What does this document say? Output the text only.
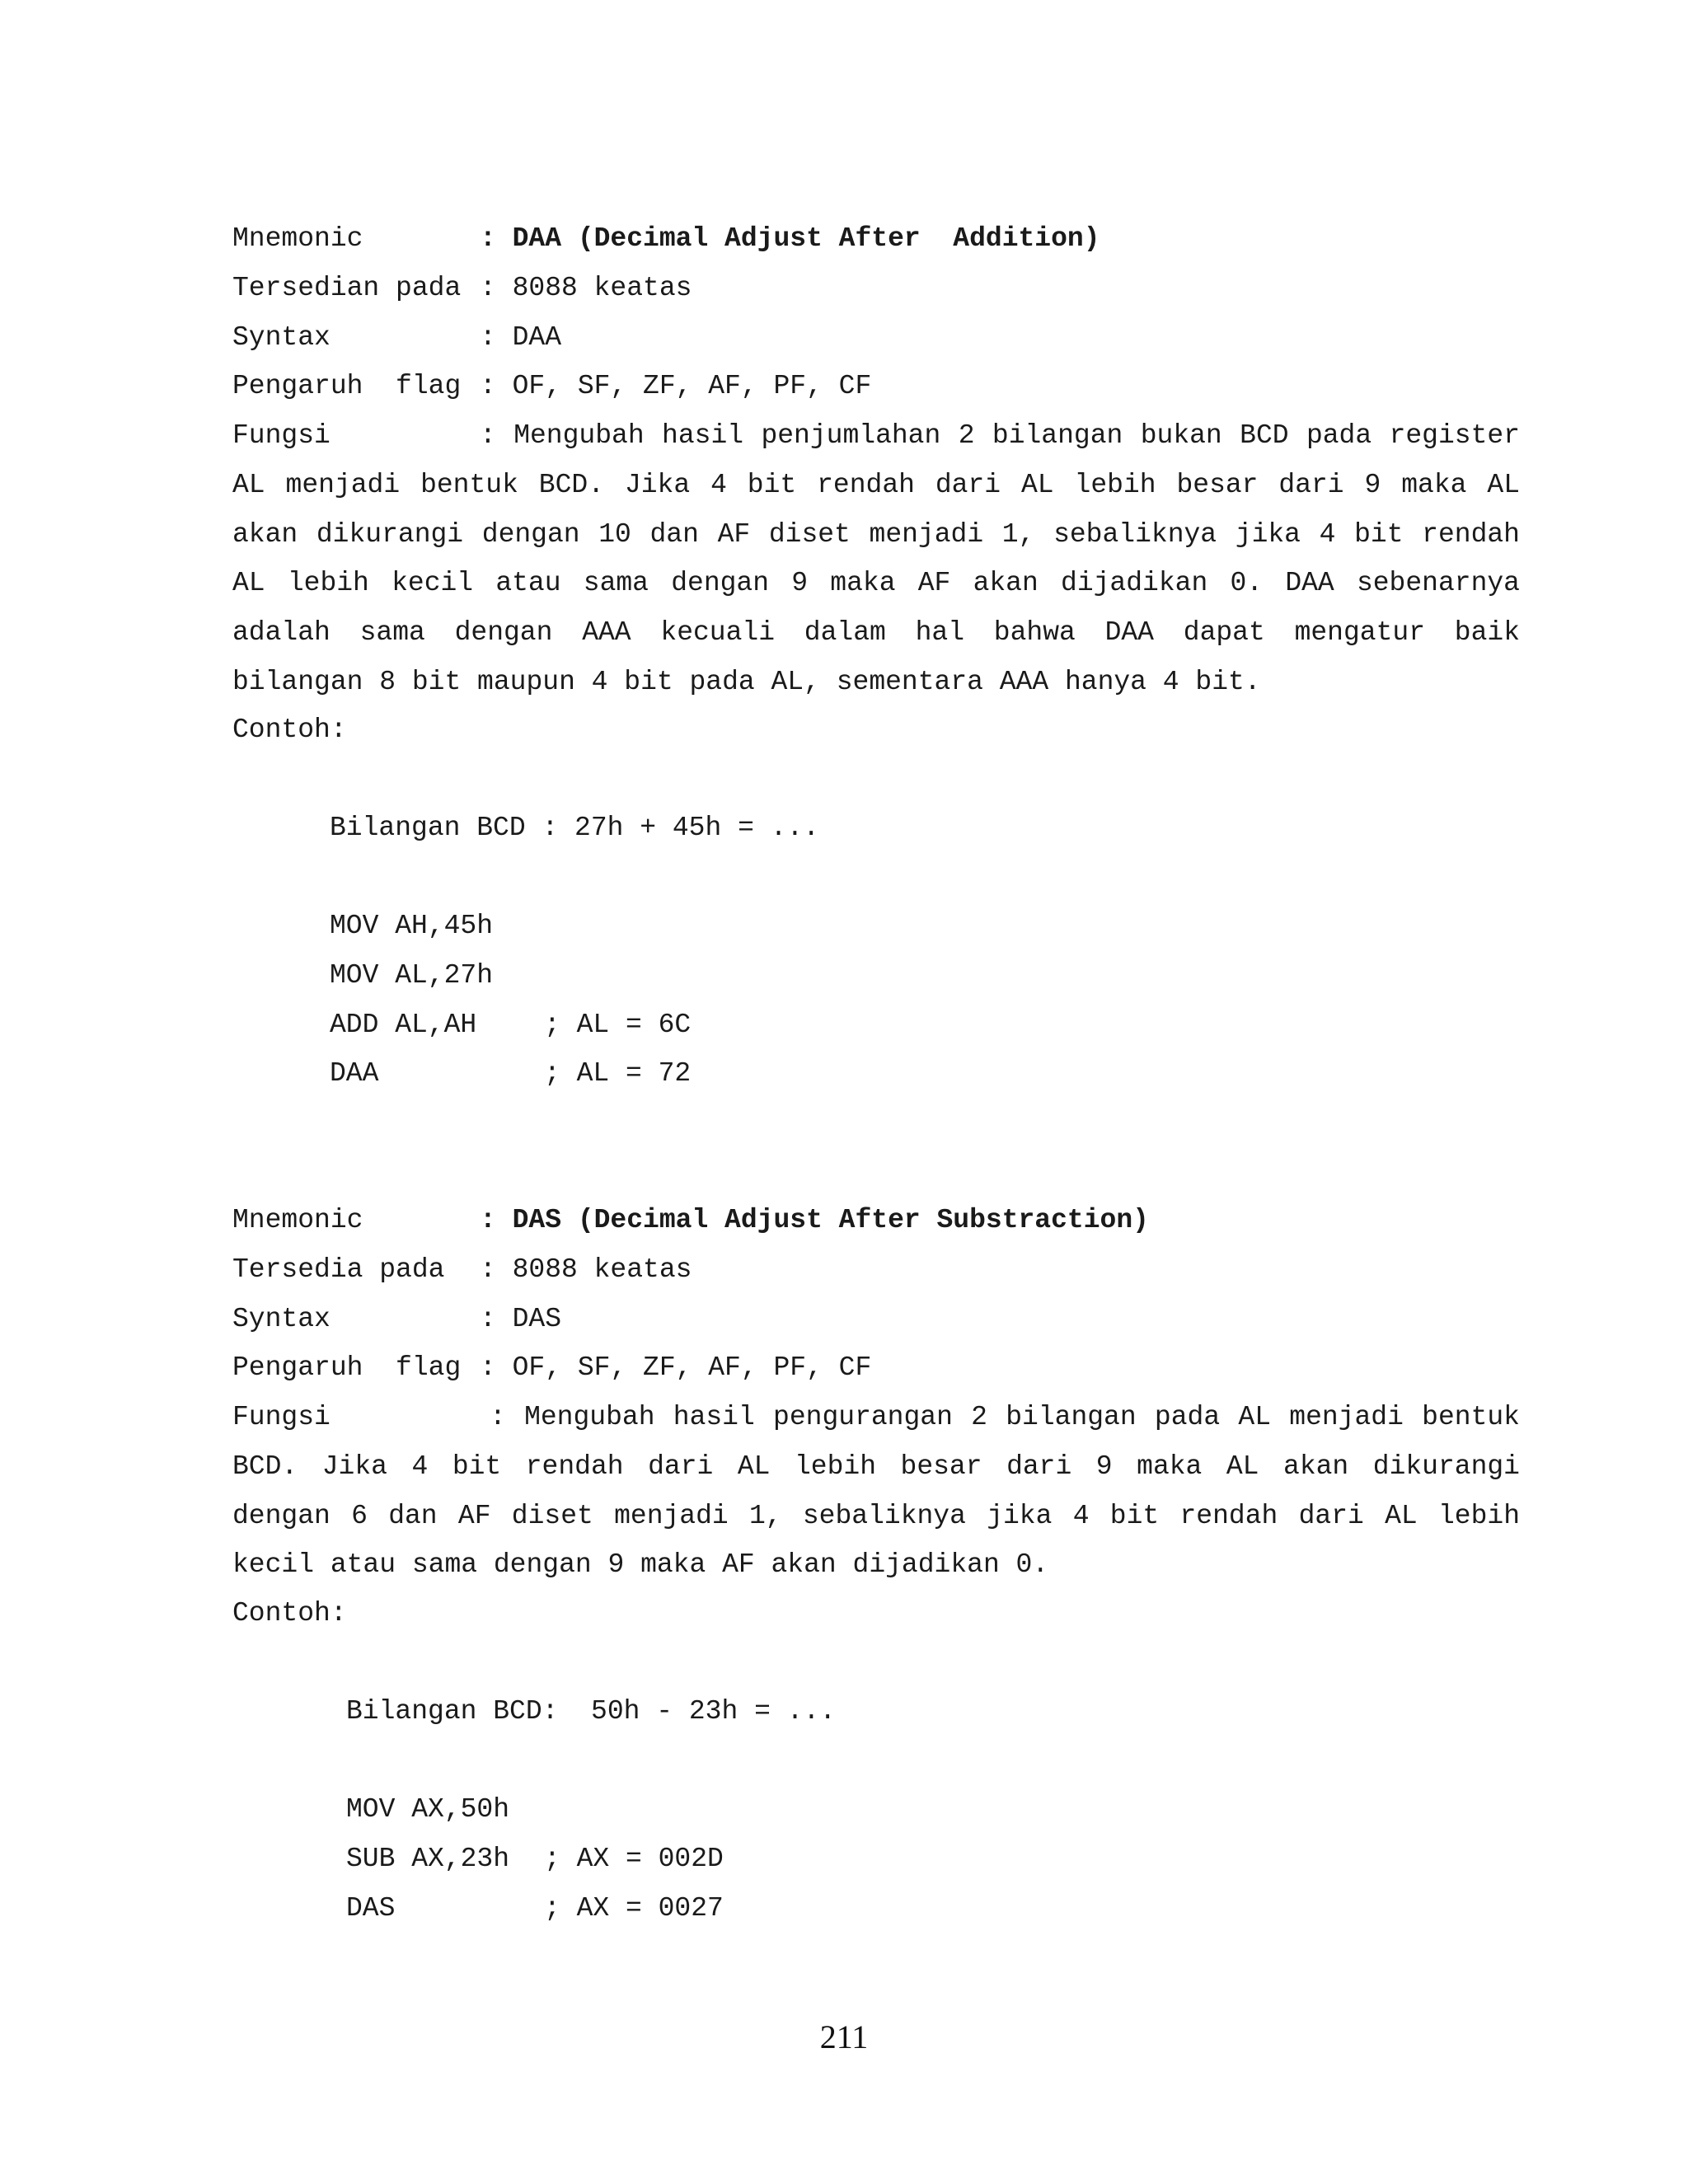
Mnemonic	: DAA (Decimal Adjust After  Addition)
Tersedian pada : 8088 keatas
Syntax	: DAA
Pengaruh  flag : OF, SF, ZF, AF, PF, CF
Fungsi	: Mengubah hasil penjumlahan 2 bilangan bukan BCD pada register AL menjadi bentuk BCD. Jika 4 bit rendah dari AL lebih besar dari 9 maka AL akan dikurangi dengan 10 dan AF diset menjadi 1, sebaliknya jika 4 bit rendah AL lebih kecil atau sama dengan 9 maka AF akan dijadikan 0. DAA sebenarnya adalah sama dengan AAA kecuali dalam hal bahwa DAA dapat mengatur baik bilangan 8 bit maupun 4 bit pada AL, sementara AAA hanya 4 bit.
Contoh:
Bilangan BCD : 27h + 45h = ...
MOV AH,45h
MOV AL,27h
ADD AL,AH ; AL = 6C
DAA	; AL = 72
Mnemonic	: DAS (Decimal Adjust After Substraction)
Tersedia pada : 8088 keatas
Syntax	: DAS
Pengaruh  flag : OF, SF, ZF, AF, PF, CF
Fungsi	: Mengubah hasil pengurangan 2 bilangan pada AL menjadi bentuk BCD. Jika 4 bit rendah dari AL lebih besar dari 9 maka AL akan dikurangi dengan 6 dan AF diset menjadi 1, sebaliknya jika 4 bit rendah dari AL lebih kecil atau sama dengan 9 maka AF akan dijadikan 0.
Contoh:
Bilangan BCD:  50h - 23h = ...
MOV AX,50h
SUB AX,23h ; AX = 002D
DAS	; AX = 0027
211
